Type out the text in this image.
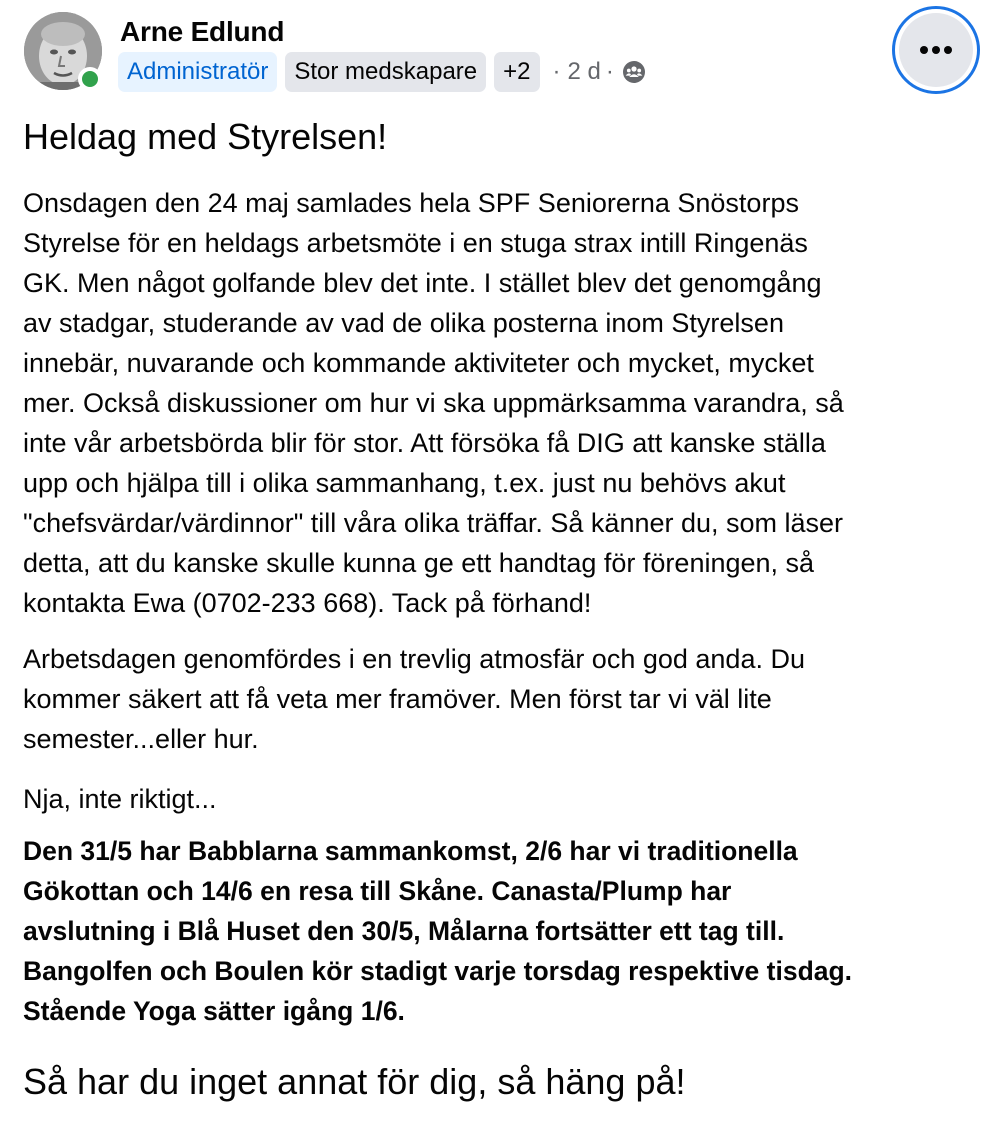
Arne Edlund
Administratör	Stor medskapare	+2 · 2 d ·
Heldag med Styrelsen!
Onsdagen den 24 maj samlades hela SPF Seniorerna Snöstorps
Styrelse för en heldags arbetsmöte i en stuga strax intill Ringenäs
GK. Men något golfande blev det inte. I stället blev det genomgång
av stadgar, studerande av vad de olika posterna inom Styrelsen
innebär, nuvarande och kommande aktiviteter och mycket, mycket
mer. Också diskussioner om hur vi ska uppmärksamma varandra, så
inte vår arbetsbörda blir för stor. Att försöka få DIG att kanske ställa
upp och hjälpa till i olika sammanhang, t.ex. just nu behövs akut
"chefsvärdar/värdinnor" till våra olika träffar. Så känner du, som läser
detta, att du kanske skulle kunna ge ett handtag för föreningen, så
kontakta Ewa (0702-233 668). Tack på förhand!
Arbetsdagen genomfördes i en trevlig atmosfär och god anda. Du
kommer säkert att få veta mer framöver. Men först tar vi väl lite
semester...eller hur.
Nja, inte riktigt...
Den 31/5 har Babblarna sammankomst, 2/6 har vi traditionella
Gökottan och 14/6 en resa till Skåne. Canasta/Plump har
avslutning i Blå Huset den 30/5, Målarna fortsätter ett tag till.
Bangolfen och Boulen kör stadigt varje torsdag respektive tisdag.
Stående Yoga sätter igång 1/6.
Så har du inget annat för dig, så häng på!
